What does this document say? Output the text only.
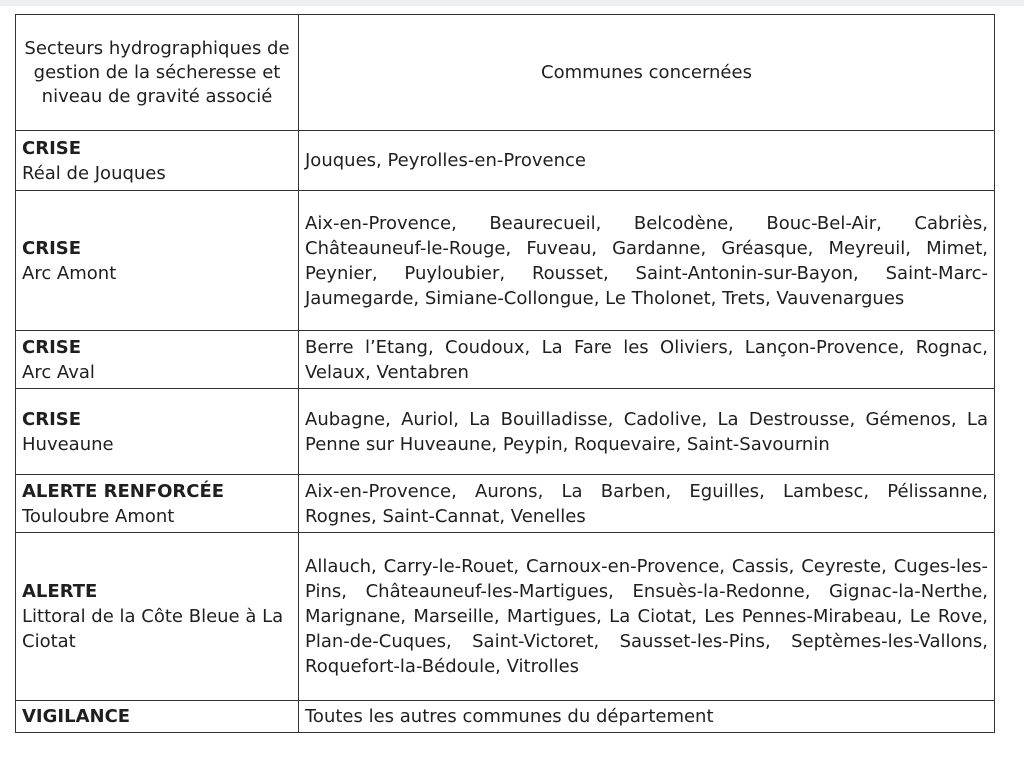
Secteurs hydrographiques de gestion de la sécheresse et niveau de gravité associé	Communes concernées

CRISE
Réal de Jouques	Jouques, Peyrolles-en-Provence

CRISE
Arc Amont	Aix-en-Provence, Beaurecueil, Belcodène, Bouc-Bel-Air, Cabriès, Châteauneuf-le-Rouge, Fuveau, Gardanne, Gréasque, Meyreuil, Mimet, Peynier, Puyloubier, Rousset, Saint-Antonin-sur-Bayon, Saint-Marc-Jaumegarde, Simiane-Collongue, Le Tholonet, Trets, Vauvenargues

CRISE
Arc Aval	Berre l’Etang, Coudoux, La Fare les Oliviers, Lançon-Provence, Rognac, Velaux, Ventabren

CRISE
Huveaune	Aubagne, Auriol, La Bouilladisse, Cadolive, La Destrousse, Gémenos, La Penne sur Huveaune, Peypin, Roquevaire, Saint-Savournin

ALERTE RENFORCÉE
Touloubre Amont	Aix-en-Provence, Aurons, La Barben, Eguilles, Lambesc, Pélissanne, Rognes, Saint-Cannat, Venelles

ALERTE
Littoral de la Côte Bleue à La Ciotat	Allauch, Carry-le-Rouet, Carnoux-en-Provence, Cassis, Ceyreste, Cuges-les-Pins, Châteauneuf-les-Martigues, Ensuès-la-Redonne, Gignac-la-Nerthe, Marignane, Marseille, Martigues, La Ciotat, Les Pennes-Mirabeau, Le Rove, Plan-de-Cuques, Saint-Victoret, Sausset-les-Pins, Septèmes-les-Vallons, Roquefort-la-Bédoule, Vitrolles

VIGILANCE	Toutes les autres communes du département
